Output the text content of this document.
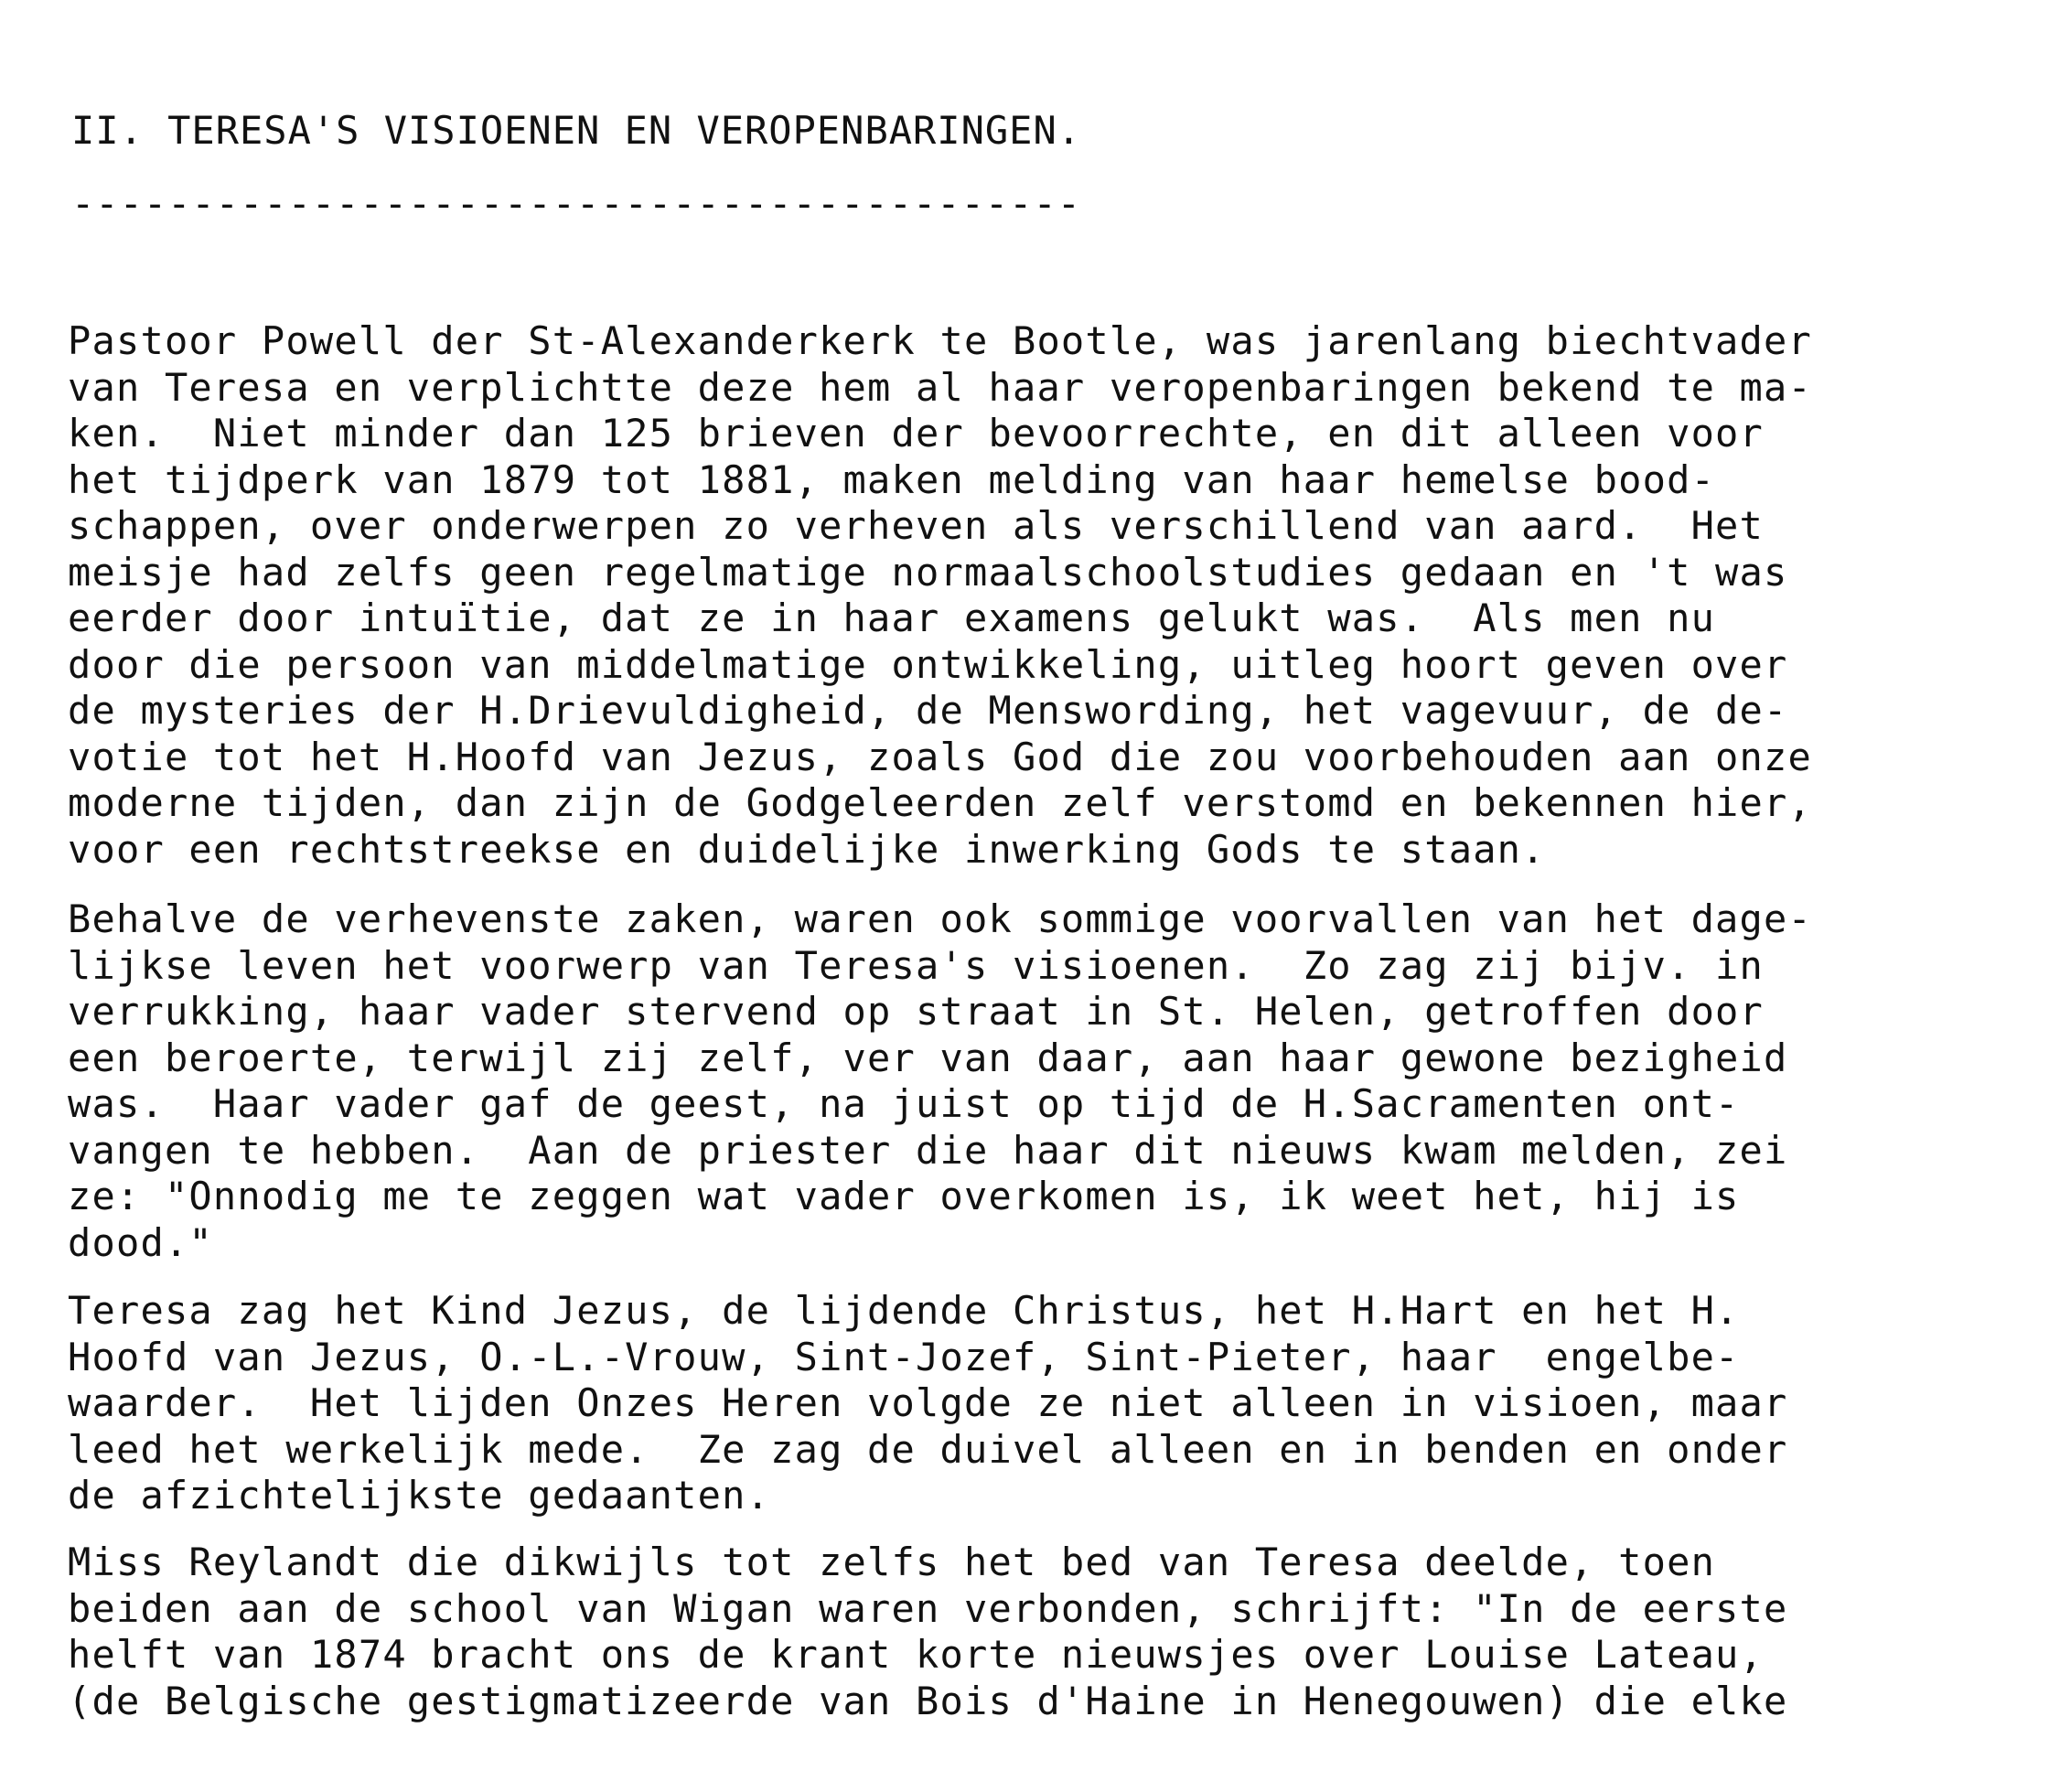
II. TERESA'S VISIOENEN EN VEROPENBARINGEN.
------------------------------------------
Pastoor Powell der St-Alexanderkerk te Bootle, was jarenlang biechtvader
van Teresa en verplichtte deze hem al haar veropenbaringen bekend te ma-
ken.  Niet minder dan 125 brieven der bevoorrechte, en dit alleen voor
het tijdperk van 1879 tot 1881, maken melding van haar hemelse bood-
schappen, over onderwerpen zo verheven als verschillend van aard.  Het
meisje had zelfs geen regelmatige normaalschoolstudies gedaan en 't was
eerder door intuïtie, dat ze in haar examens gelukt was.  Als men nu
door die persoon van middelmatige ontwikkeling, uitleg hoort geven over
de mysteries der H.Drievuldigheid, de Menswording, het vagevuur, de de-
votie tot het H.Hoofd van Jezus, zoals God die zou voorbehouden aan onze
moderne tijden, dan zijn de Godgeleerden zelf verstomd en bekennen hier,
voor een rechtstreekse en duidelijke inwerking Gods te staan.
Behalve de verhevenste zaken, waren ook sommige voorvallen van het dage-
lijkse leven het voorwerp van Teresa's visioenen.  Zo zag zij bijv. in
verrukking, haar vader stervend op straat in St. Helen, getroffen door
een beroerte, terwijl zij zelf, ver van daar, aan haar gewone bezigheid
was.  Haar vader gaf de geest, na juist op tijd de H.Sacramenten ont-
vangen te hebben.  Aan de priester die haar dit nieuws kwam melden, zei
ze: "Onnodig me te zeggen wat vader overkomen is, ik weet het, hij is
dood."
Teresa zag het Kind Jezus, de lijdende Christus, het H.Hart en het H.
Hoofd van Jezus, O.-L.-Vrouw, Sint-Jozef, Sint-Pieter, haar  engelbe-
waarder.  Het lijden Onzes Heren volgde ze niet alleen in visioen, maar
leed het werkelijk mede.  Ze zag de duivel alleen en in benden en onder
de afzichtelijkste gedaanten.
Miss Reylandt die dikwijls tot zelfs het bed van Teresa deelde, toen
beiden aan de school van Wigan waren verbonden, schrijft: "In de eerste
helft van 1874 bracht ons de krant korte nieuwsjes over Louise Lateau,
(de Belgische gestigmatizeerde van Bois d'Haine in Henegouwen) die elke
